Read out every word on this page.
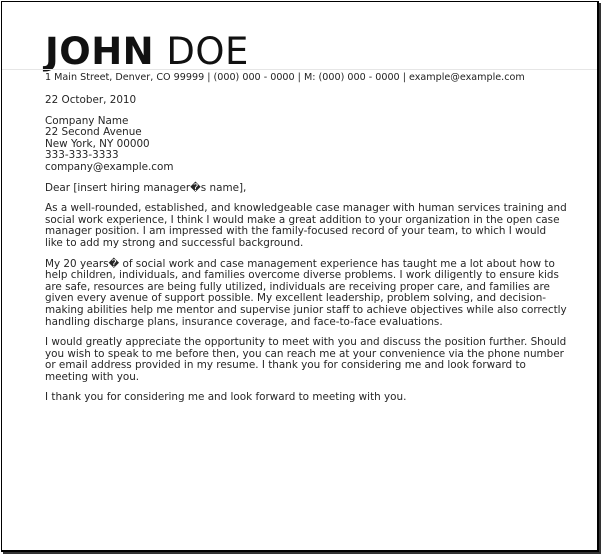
JOHN DOE
1 Main Street, Denver, CO 99999 | (000) 000 - 0000 | M: (000) 000 - 0000 | example@example.com

22 October, 2010

Company Name
22 Second Avenue
New York, NY 00000
333-333-3333
company@example.com

Dear [insert hiring manager�s name],

As a well-rounded, established, and knowledgeable case manager with human services training and social work experience, I think I would make a great addition to your organization in the open case manager position. I am impressed with the family-focused record of your team, to which I would like to add my strong and successful background.

My 20 years� of social work and case management experience has taught me a lot about how to help children, individuals, and families overcome diverse problems. I work diligently to ensure kids are safe, resources are being fully utilized, individuals are receiving proper care, and families are given every avenue of support possible. My excellent leadership, problem solving, and decision-making abilities help me mentor and supervise junior staff to achieve objectives while also correctly handling discharge plans, insurance coverage, and face-to-face evaluations.

I would greatly appreciate the opportunity to meet with you and discuss the position further. Should you wish to speak to me before then, you can reach me at your convenience via the phone number or email address provided in my resume. I thank you for considering me and look forward to meeting with you.

I thank you for considering me and look forward to meeting with you.
